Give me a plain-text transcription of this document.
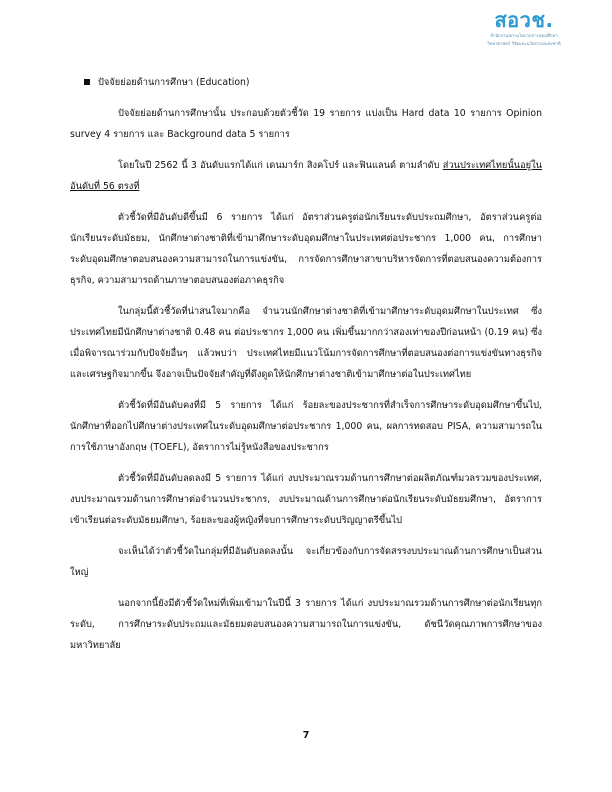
สอวช.
สำนักงานสภานโยบายการอุดมศึกษา
วิทยาศาสตร์ วิจัยและนวัตกรรมแห่งชาติ

ปัจจัยย่อยด้านการศึกษา (Education)

ปัจจัยย่อยด้านการศึกษานั้น ประกอบด้วยตัวชี้วัด 19 รายการ แบ่งเป็น Hard data 10 รายการ Opinion survey 4 รายการ และ Background data 5 รายการ

โดยในปี 2562 นี้ 3 อันดับแรกได้แก่ เดนมาร์ก สิงคโปร์ และฟินแลนด์ ตามลำดับ ส่วนประเทศไทยนั้นอยู่ในอันดับที่ 56 ตรงที่

ตัวชี้วัดที่มีอันดับดีขึ้นมี 6 รายการ ได้แก่ อัตราส่วนครูต่อนักเรียนระดับประถมศึกษา, อัตราส่วนครูต่อนักเรียนระดับมัธยม, นักศึกษาต่างชาติที่เข้ามาศึกษาระดับอุดมศึกษาในประเทศต่อประชากร 1,000 คน, การศึกษาระดับอุดมศึกษาตอบสนองความสามารถในการแข่งขัน, การจัดการศึกษาสาขาบริหารจัดการที่ตอบสนองความต้องการธุรกิจ, ความสามารถด้านภาษาตอบสนองต่อภาคธุรกิจ

ในกลุ่มนี้ตัวชี้วัดที่น่าสนใจมากคือ จำนวนนักศึกษาต่างชาติที่เข้ามาศึกษาระดับอุดมศึกษาในประเทศ ซึ่งประเทศไทยมีนักศึกษาต่างชาติ 0.48 คน ต่อประชากร 1,000 คน เพิ่มขึ้นมากกว่าสองเท่าของปีก่อนหน้า (0.19 คน) ซึ่งเมื่อพิจารณาร่วมกับปัจจัยอื่นๆ แล้วพบว่า ประเทศไทยมีแนวโน้มการจัดการศึกษาที่ตอบสนองต่อการแข่งขันทางธุรกิจและเศรษฐกิจมากขึ้น จึงอาจเป็นปัจจัยสำคัญที่ดึงดูดให้นักศึกษาต่างชาติเข้ามาศึกษาต่อในประเทศไทย

ตัวชี้วัดที่มีอันดับคงที่มี 5 รายการ ได้แก่ ร้อยละของประชากรที่สำเร็จการศึกษาระดับอุดมศึกษาขึ้นไป, นักศึกษาที่ออกไปศึกษาต่างประเทศในระดับอุดมศึกษาต่อประชากร 1,000 คน, ผลการทดสอบ PISA, ความสามารถในการใช้ภาษาอังกฤษ (TOEFL), อัตราการไม่รู้หนังสือของประชากร

ตัวชี้วัดที่มีอันดับลดลงมี 5 รายการ ได้แก่ งบประมาณรวมด้านการศึกษาต่อผลิตภัณฑ์มวลรวมของประเทศ, งบประมาณรวมด้านการศึกษาต่อจำนวนประชากร, งบประมาณด้านการศึกษาต่อนักเรียนระดับมัธยมศึกษา, อัตราการเข้าเรียนต่อระดับมัธยมศึกษา, ร้อยละของผู้หญิงที่จบการศึกษาระดับปริญญาตรีขึ้นไป

จะเห็นได้ว่าตัวชี้วัดในกลุ่มที่มีอันดับลดลงนั้น จะเกี่ยวข้องกับการจัดสรรงบประมาณด้านการศึกษาเป็นส่วนใหญ่

นอกจากนี้ยังมีตัวชี้วัดใหม่ที่เพิ่มเข้ามาในปีนี้ 3 รายการ ได้แก่ งบประมาณรวมด้านการศึกษาต่อนักเรียนทุกระดับ, การศึกษาระดับประถมและมัธยมตอบสนองความสามารถในการแข่งขัน, ดัชนีวัดคุณภาพการศึกษาของมหาวิทยาลัย

7
